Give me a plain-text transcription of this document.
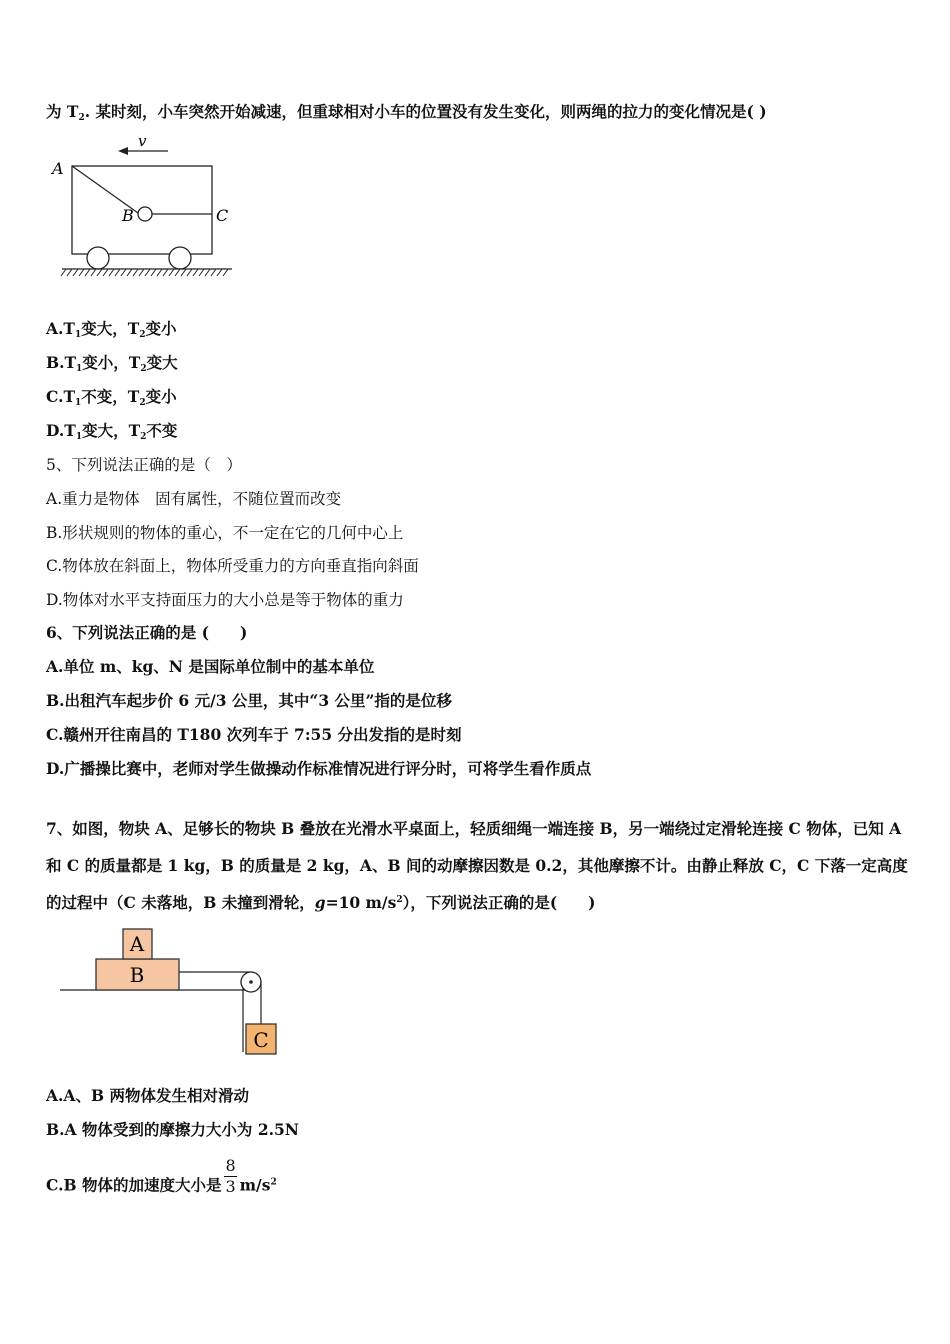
为 $T_2$. 某时刻，小车突然开始减速，但重球相对小车的位置没有发生变化，则两绳的拉力的变化情况是( )
v
A
B	C
$A.T_1$变大，$T_2$变小
$B.T_1$变小，$T_2$变大
$C.T_1$不变，$T_2$变小
$D.T_1$变大，$T_2$不变
5、下列说法正确的是（　）
A.重力是物体　固有属性，不随位置而改变
B.形状规则的物体的重心，不一定在它的几何中心上
C.物体放在斜面上，物体所受重力的方向垂直指向斜面
D.物体对水平支持面压力的大小总是等于物体的重力
6、下列说法正确的是 (　　)
A.单位 m、kg、N 是国际单位制中的基本单位
B.出租汽车起步价 6 元/3 公里，其中“3 公里”指的是位移
C.赣州开往南昌的 T180 次列车于 7:55 分出发指的是时刻
D.广播操比赛中，老师对学生做操动作标准情况进行评分时，可将学生看作质点
7、如图，物块 A、足够长的物块 B 叠放在光滑水平桌面上，轻质细绳一端连接 B，另一端绕过定滑轮连接 C 物体，已知 A 和 C 的质量都是 1 kg，B 的质量是 2 kg，A、B 间的动摩擦因数是 0.2，其他摩擦不计。由静止释放 C，C 下落一定高度的过程中（C 未落地，B 未撞到滑轮，g=10 $m/s^2$），下列说法正确的是(　　)
B
A
C
A.A、B 两物体发生相对滑动
B.A 物体受到的摩擦力大小为 2.5N
C.B 物体的加速度大小是 $\frac{8}{3} m/s^2$
